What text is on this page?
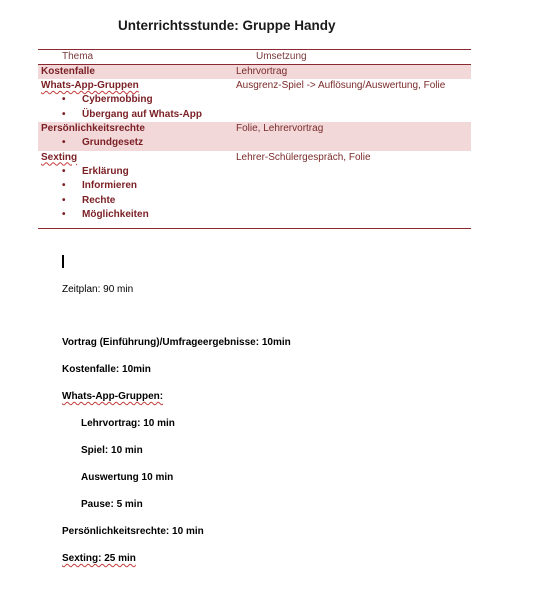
Unterrichtsstunde: Gruppe Handy
Thema	Umsetzung
Kostenfalle	Lehrvortrag
Whats-App-Gruppen	Ausgrenz-Spiel -> Auflösung/Auswertung, Folie
• Cybermobbing
• Übergang auf Whats-App
Persönlichkeitsrechte	Folie, Lehrervortrag
• Grundgesetz
Sexting	Lehrer-Schülergespräch, Folie
• Erklärung
• Informieren
• Rechte
• Möglichkeiten
Zeitplan: 90 min
Vortrag (Einführung)/Umfrageergebnisse: 10min
Kostenfalle: 10min
Whats-App-Gruppen:
Lehrvortrag: 10 min
Spiel: 10 min
Auswertung 10 min
Pause: 5 min
Persönlichkeitsrechte: 10 min
Sexting: 25 min
